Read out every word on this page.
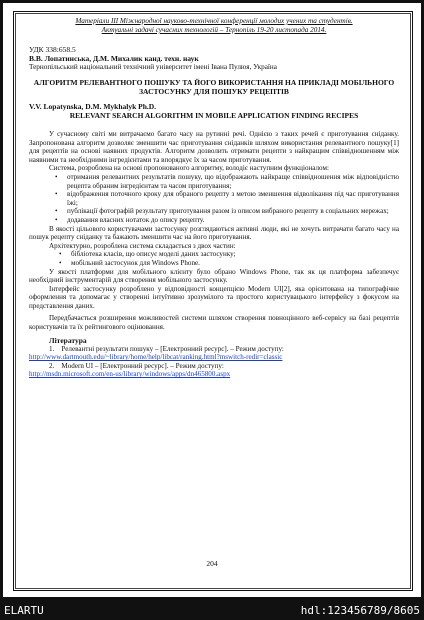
Матеріали ІІІ Міжнародної науково-технічної конференції молодих учених та студентів.
Актуальні задачі сучасних технологій – Тернопіль 19-20 листопада 2014.
УДК 338:658.5
В.В. Лопатинська, Д.М. Михалик канд. техн. наук
Тернопільський національний технічний університет імені Івана Пулюя, Україна
АЛГОРИТМ РЕЛЕВАНТНОГО ПОШУКУ ТА ЙОГО ВИКОРИСТАННЯ НА ПРИКЛАДІ МОБІЛЬНОГО ЗАСТОСУНКУ ДЛЯ ПОШУКУ РЕЦЕПТІВ
V.V. Lopatynska, D.M. Mykhalyk Ph.D.
RELEVANT SEARCH ALGORITHM IN MOBILE APPLICATION FINDING RECIPES

У сучасному світі ми витрачаємо багато часу на рутинні речі. Однією з таких речей є приготування сніданку. Запропонована алгоритм дозволяє зменшити час приготування сніданків шляхом використання релевантного пошуку[1] для рецептів на основі наявних продуктів. Алгоритм дозволить отримати рецепти з найкращим співвідношенням між наявними та необхідними інгредієнтами та впорядкує їх за часом приготування.

Система, розроблена на основі пропонованого алгоритму, володіє наступним функціоналом:

• отримання релевантних результатів пошуку, що відображають найкраще співвідношення між відповідністю рецепта обраним інгредієнтам та часом приготування;

• відображення поточного кроку для обраного рецепту з метою зменшення відволікання під час приготування їжі;

• публікації фотографій результату приготування разом із описом вибраного рецепту в соціальних мережах;

• додавання власних нотаток до опису рецепту.

В якості цільового користувачами застосунку розглядаються активні люди, які не хочуть витрачати багато часу на пошук рецепту сніданку та бажають зменшити час на його приготування.

Архітектурно, розроблена система складається з двох частин:

• бібліотека класів, що описує моделі даних застосунку;

• мобільний застосунок для Windows Phone.

У якості платформи для мобільного клієнту було обрано Windows Phone, так як ця платформа забезпечує необхідний інструментарій для створення мобільного застосунку.

Інтерфейс застосунку розроблено у відповідності концепцією Modern UI[2], яка орієнтована на типографічне оформлення та допомагає у створенні інтуїтивно зрозумілого та простого користувацького інтерфейсу з фокусом на представлення даних.

Передбачається розширення можливостей системи шляхом створення повноцінного веб-сервісу на базі рецептів користувачів та їх рейтингового оцінювання.

Література

1.    Релевантні результати пошуку – [Електронний ресурс]. – Режим доступу:
http://www.dartmouth.edu/~library/home/help/libcat/ranking.html?mswitch-redir=classic

2.    Modern UI – [Електронний ресурс]. – Режим доступу:
http://msdn.microsoft.com/en-us/library/windows/apps/dn465800.aspx

204
ELARTU	hdl:123456789/8605
